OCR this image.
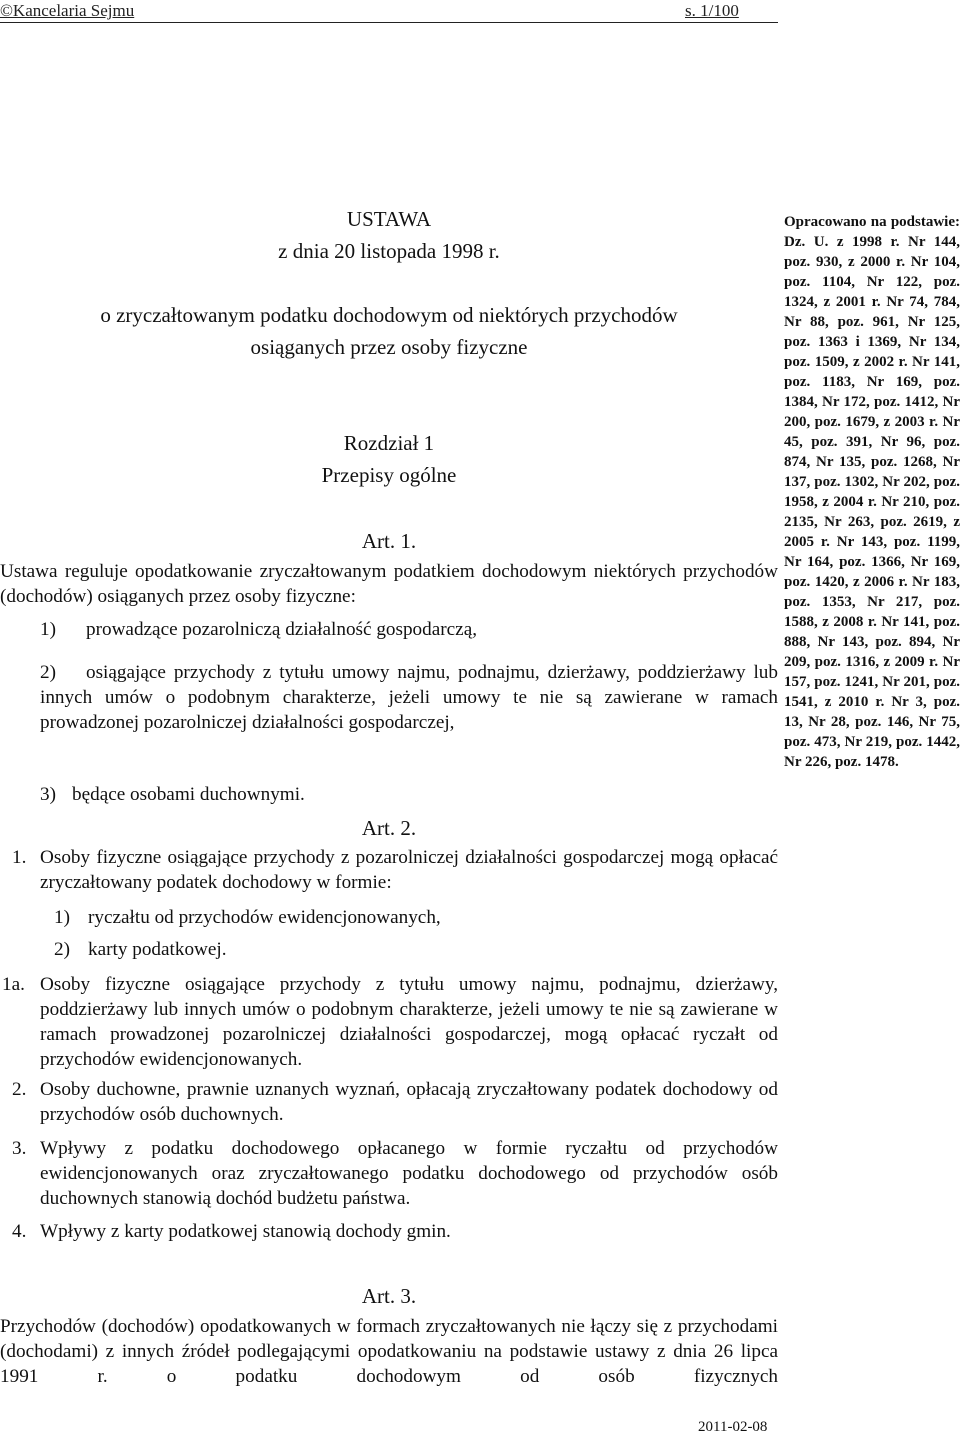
©Kancelaria Sejmu	s. 1/100
USTAWA
z dnia 20 listopada 1998 r.
o zryczałtowanym podatku dochodowym od niektórych przychodów
osiąganych przez osoby fizyczne
Rozdział 1
Przepisy ogólne
Opracowano na podstawie: Dz. U. z 1998 r. Nr 144, poz. 930, z 2000 r. Nr 104, poz. 1104, Nr 122, poz. 1324, z 2001 r. Nr 74, 784, Nr 88, poz. 961, Nr 125, poz. 1363 i 1369, Nr 134, poz. 1509, z 2002 r. Nr 141, poz. 1183, Nr 169, poz. 1384, Nr 172, poz. 1412, Nr 200, poz. 1679, z 2003 r. Nr 45, poz. 391, Nr 96, poz. 874, Nr 135, poz. 1268, Nr 137, poz. 1302, Nr 202, poz. 1958, z 2004 r. Nr 210, poz. 2135, Nr 263, poz. 2619, z 2005 r. Nr 143, poz. 1199, Nr 164, poz. 1366, Nr 169, poz. 1420, z 2006 r. Nr 183, poz. 1353, Nr 217, poz. 1588, z 2008 r. Nr 141, poz. 888, Nr 143, poz. 894, Nr 209, poz. 1316, z 2009 r. Nr 157, poz. 1241, Nr 201, poz. 1541, z 2010 r. Nr 3, poz. 13, Nr 28, poz. 146, Nr 75, poz. 473, Nr 219, poz. 1442, Nr 226, poz. 1478.
Art. 1.
Ustawa reguluje opodatkowanie zryczałtowanym podatkiem dochodowym niektórych przychodów (dochodów) osiąganych przez osoby fizyczne:
1) prowadzące pozarolniczą działalność gospodarczą,
2)	osiągające przychody z tytułu umowy najmu, podnajmu, dzierżawy, poddzierżawy lub innych umów o podobnym charakterze, jeżeli umowy te nie są zawierane w ramach prowadzonej pozarolniczej działalności gospodarczej,
3) będące osobami duchownymi.
Art. 2.
1. Osoby fizyczne osiągające przychody z pozarolniczej działalności gospodarczej mogą opłacać zryczałtowany podatek dochodowy w formie:
1) ryczałtu od przychodów ewidencjonowanych,
2) karty podatkowej.
1a. Osoby fizyczne osiągające przychody z tytułu umowy najmu, podnajmu, dzierżawy, poddzierżawy lub innych umów o podobnym charakterze, jeżeli umowy te nie są zawierane w ramach prowadzonej pozarolniczej działalności gospodarczej, mogą opłacać ryczałt od przychodów ewidencjonowanych.
2. Osoby duchowne, prawnie uznanych wyznań, opłacają zryczałtowany podatek dochodowy od przychodów osób duchownych.
3. Wpływy z podatku dochodowego opłacanego w formie ryczałtu od przychodów ewidencjonowanych oraz zryczałtowanego podatku dochodowego od przychodów osób duchownych stanowią dochód budżetu państwa.
4. Wpływy z karty podatkowej stanowią dochody gmin.
Art. 3.
Przychodów (dochodów) opodatkowanych w formach zryczałtowanych nie łączy się z przychodami (dochodami) z innych źródeł podlegającymi opodatkowaniu na podstawie ustawy z dnia 26 lipca 1991 r. o podatku dochodowym od osób fizycznych
2011-02-08
